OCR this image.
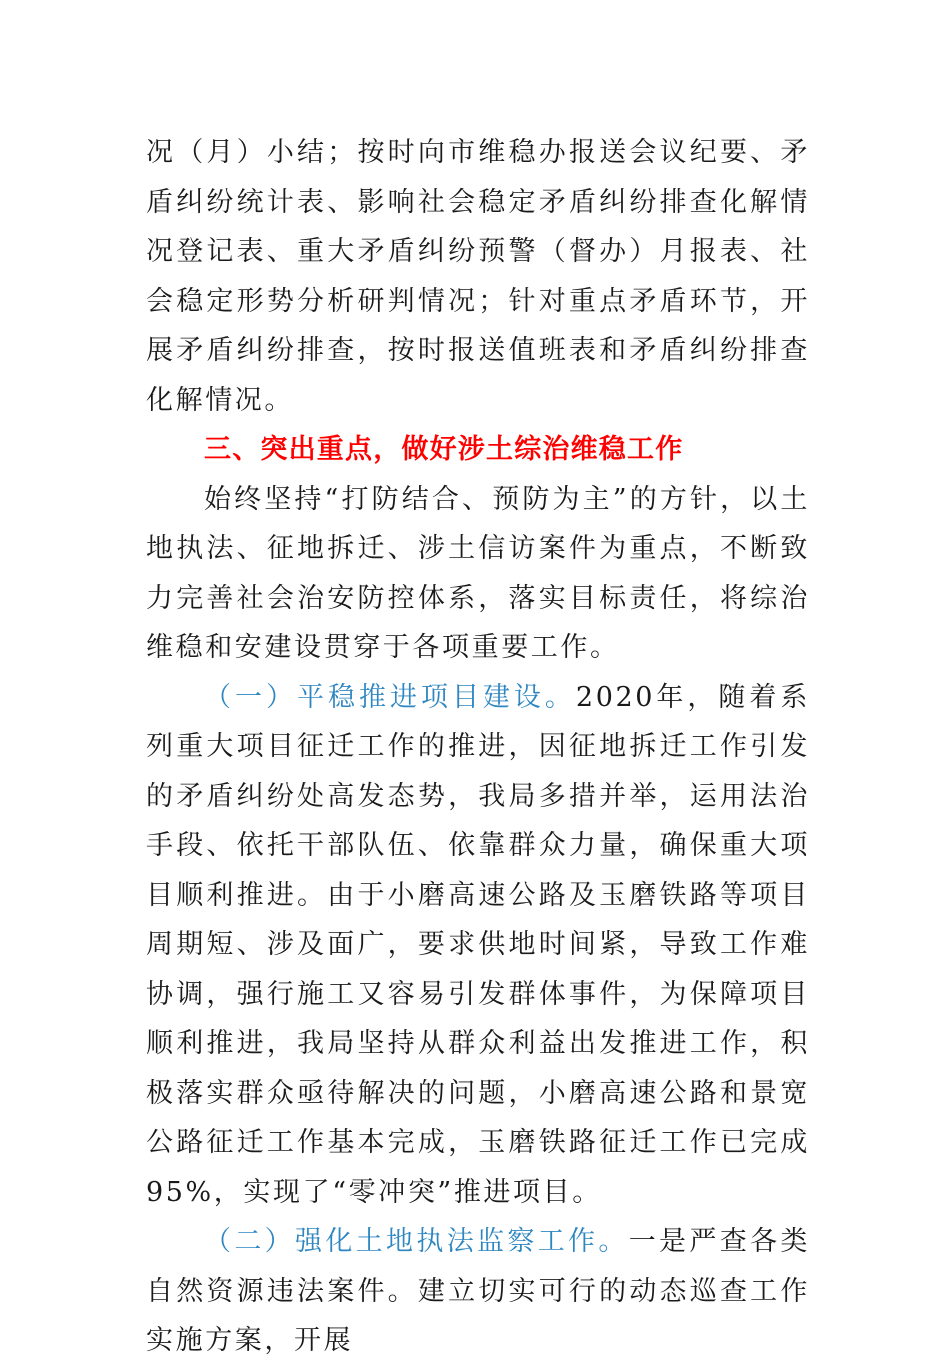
况（月）小结；按时向市维稳办报送会议纪要、矛盾纠纷统计表、影响社会稳定矛盾纠纷排查化解情况登记表、重大矛盾纠纷预警（督办）月报表、社会稳定形势分析研判情况；针对重点矛盾环节，开展矛盾纠纷排查，按时报送值班表和矛盾纠纷排查化解情况。

三、突出重点，做好涉土综治维稳工作

始终坚持“打防结合、预防为主”的方针，以土地执法、征地拆迁、涉土信访案件为重点，不断致力完善社会治安防控体系，落实目标责任，将综治维稳和安建设贯穿于各项重要工作。

（一）平稳推进项目建设。2020年，随着系列重大项目征迁工作的推进，因征地拆迁工作引发的矛盾纠纷处高发态势，我局多措并举，运用法治手段、依托干部队伍、依靠群众力量，确保重大项目顺利推进。由于小磨高速公路及玉磨铁路等项目周期短、涉及面广，要求供地时间紧，导致工作难协调，强行施工又容易引发群体事件，为保障项目顺利推进，我局坚持从群众利益出发推进工作，积极落实群众亟待解决的问题，小磨高速公路和景宽公路征迁工作基本完成，玉磨铁路征迁工作已完成95%，实现了“零冲突”推进项目。

（二）强化土地执法监察工作。一是严查各类自然资源违法案件。建立切实可行的动态巡查工作实施方案，开展
